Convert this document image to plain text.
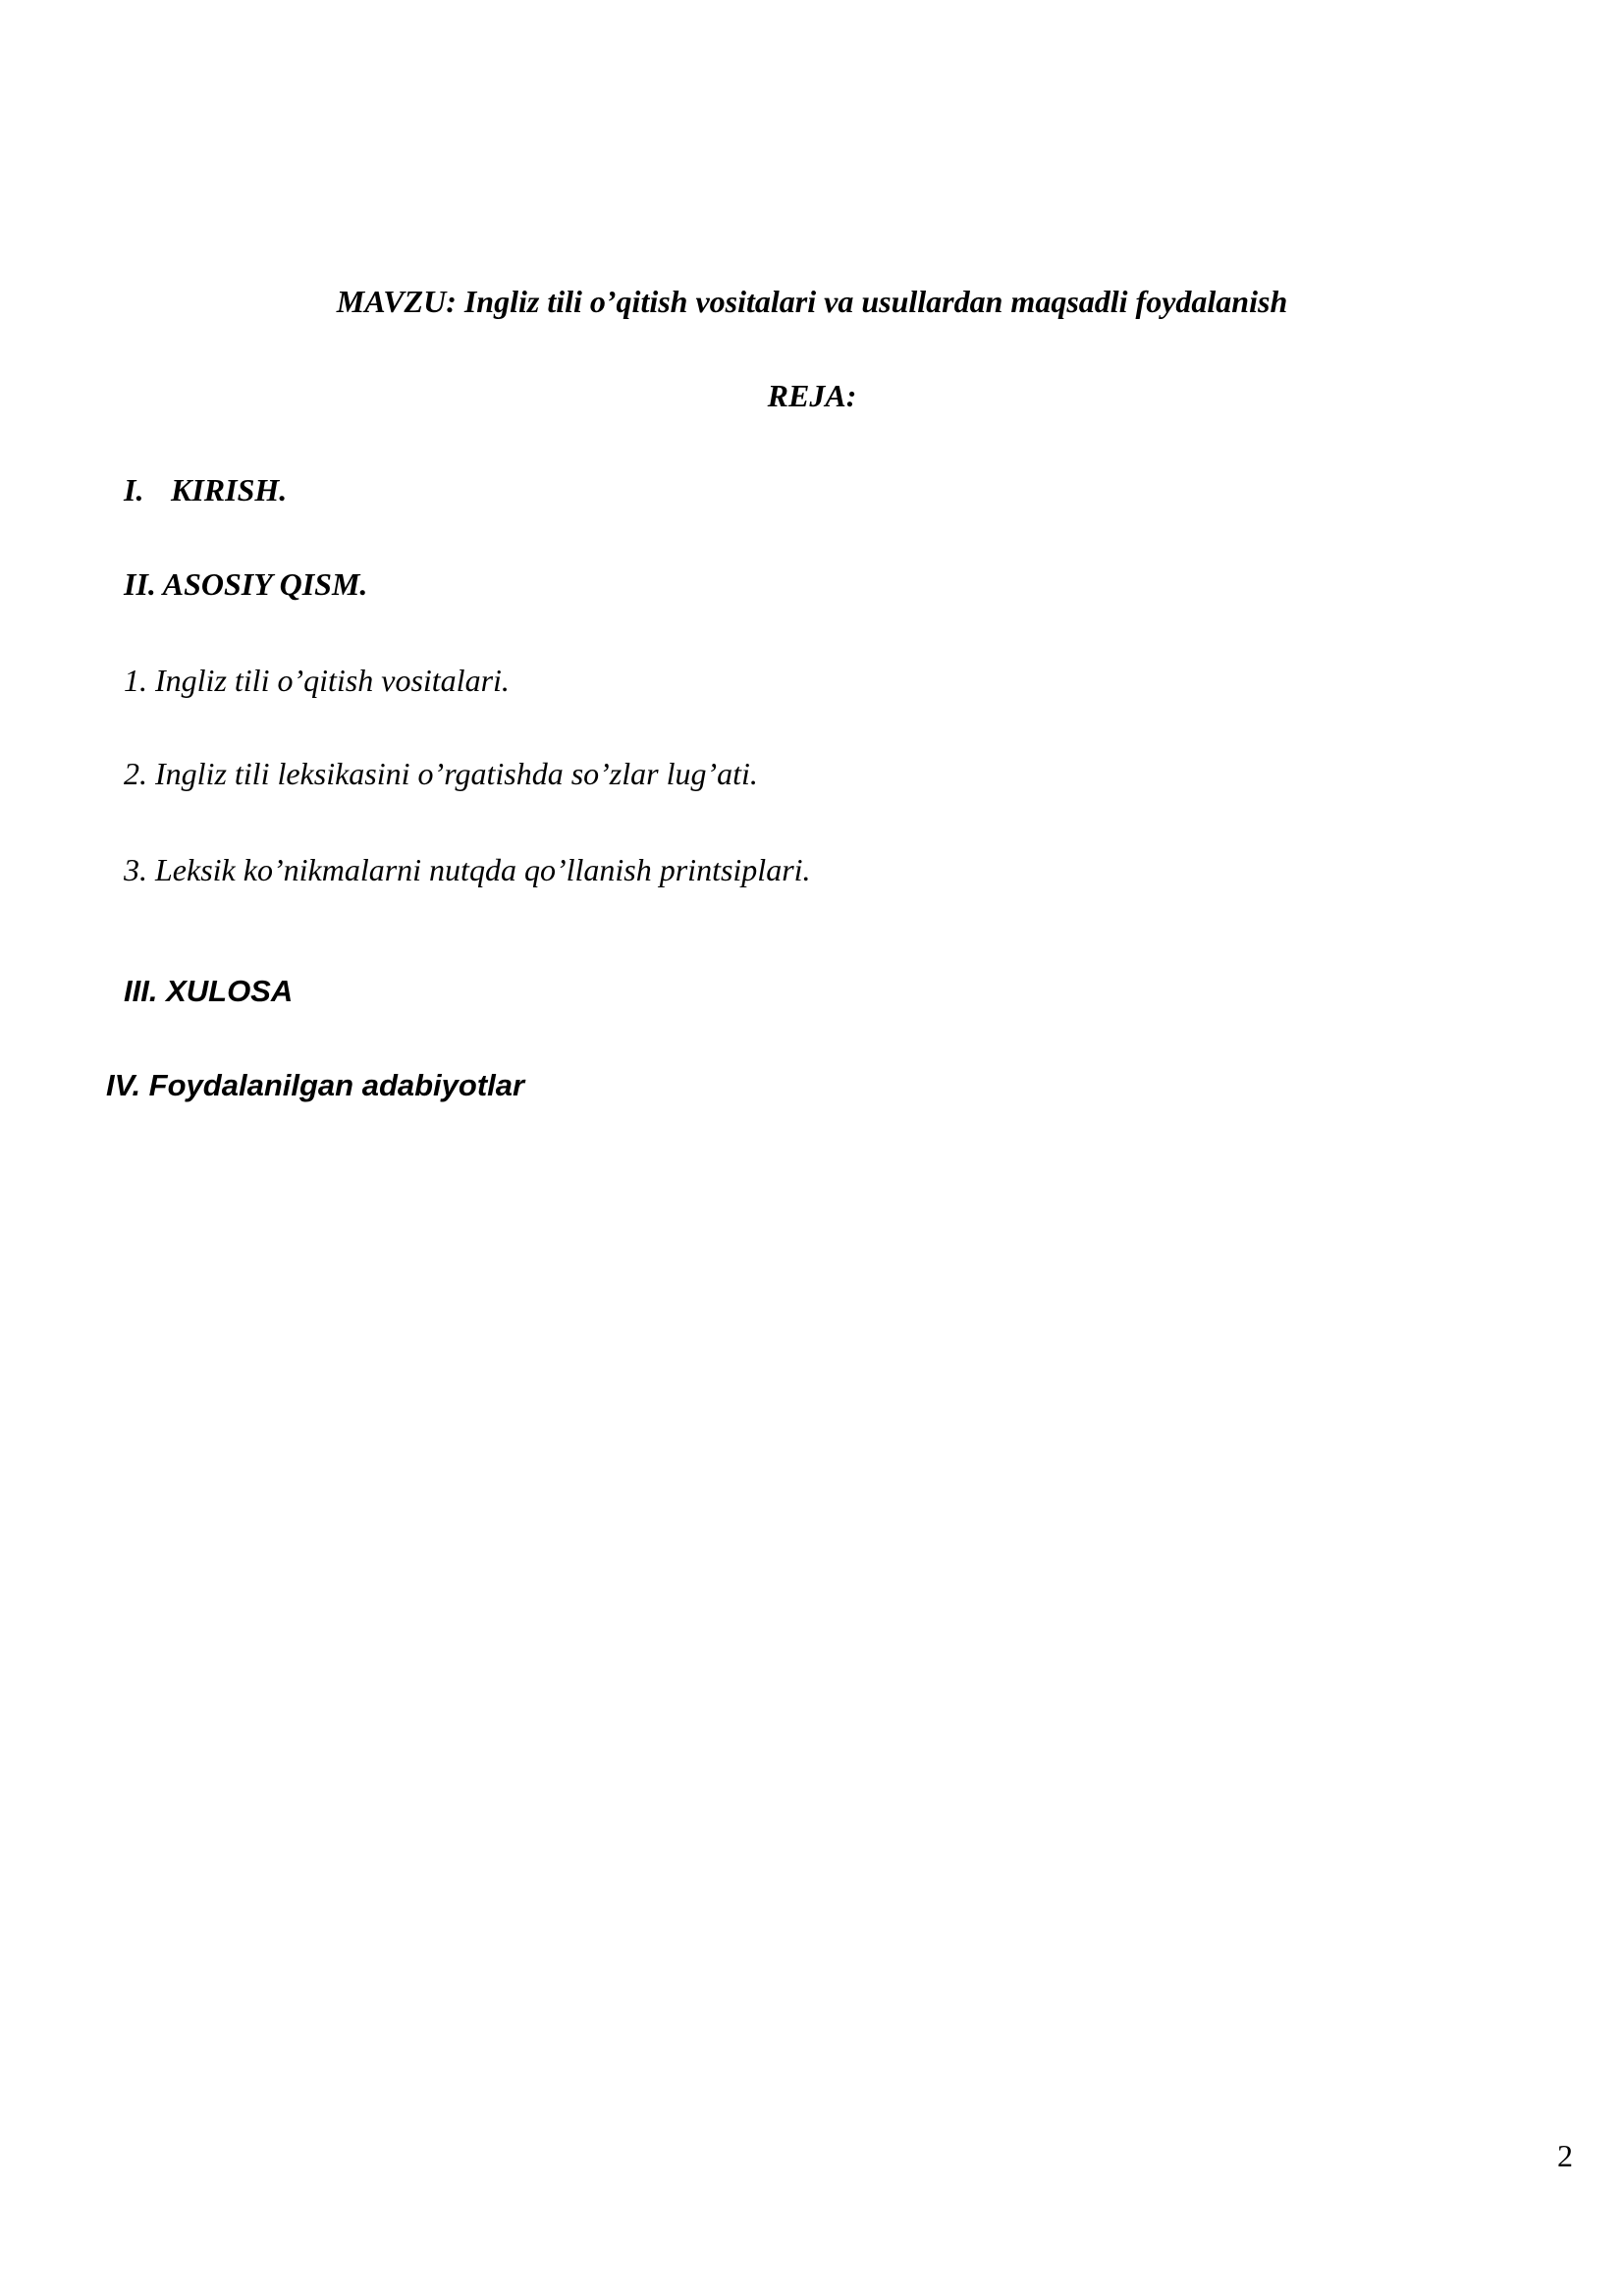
MAVZU: Ingliz tili o’qitish vositalari va usullardan maqsadli foydalanish
REJA:
I. KIRISH.
II. ASOSIY QISM.
1. Ingliz tili o’qitish vositalari.
2. Ingliz tili leksikasini o’rgatishda so’zlar lug’ati.
3. Leksik ko’nikmalarni nutqda qo’llanish printsiplari.
III. XULOSA
IV. Foydalanilgan adabiyotlar
2
